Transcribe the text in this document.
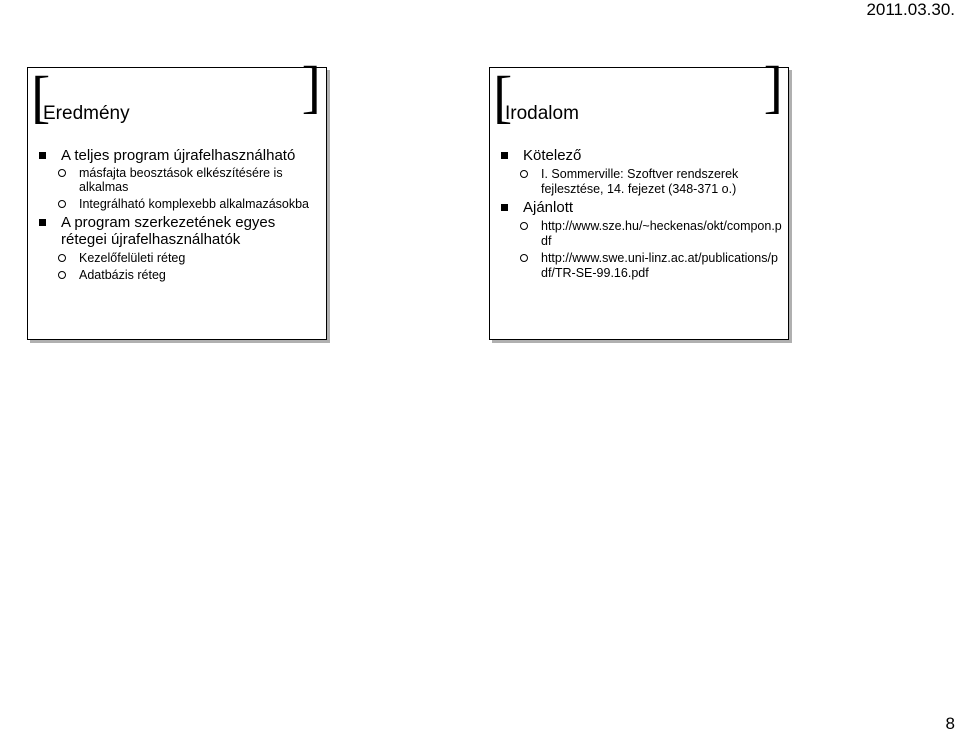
2011.03.30.
[	]
Eredmény
A teljes program újrafelhasználható
másfajta beosztások elkészítésére is alkalmas
Integrálható komplexebb alkalmazásokba
A program szerkezetének egyes rétegei újrafelhasználhatók
Kezelőfelületi réteg
Adatbázis réteg
[	]
Irodalom
Kötelező
I. Sommerville: Szoftver rendszerek fejlesztése, 14. fejezet (348-371 o.)
Ajánlott
http://www.sze.hu/~heckenas/okt/compon.pdf
http://www.swe.uni-linz.ac.at/publications/pdf/TR-SE-99.16.pdf
8
